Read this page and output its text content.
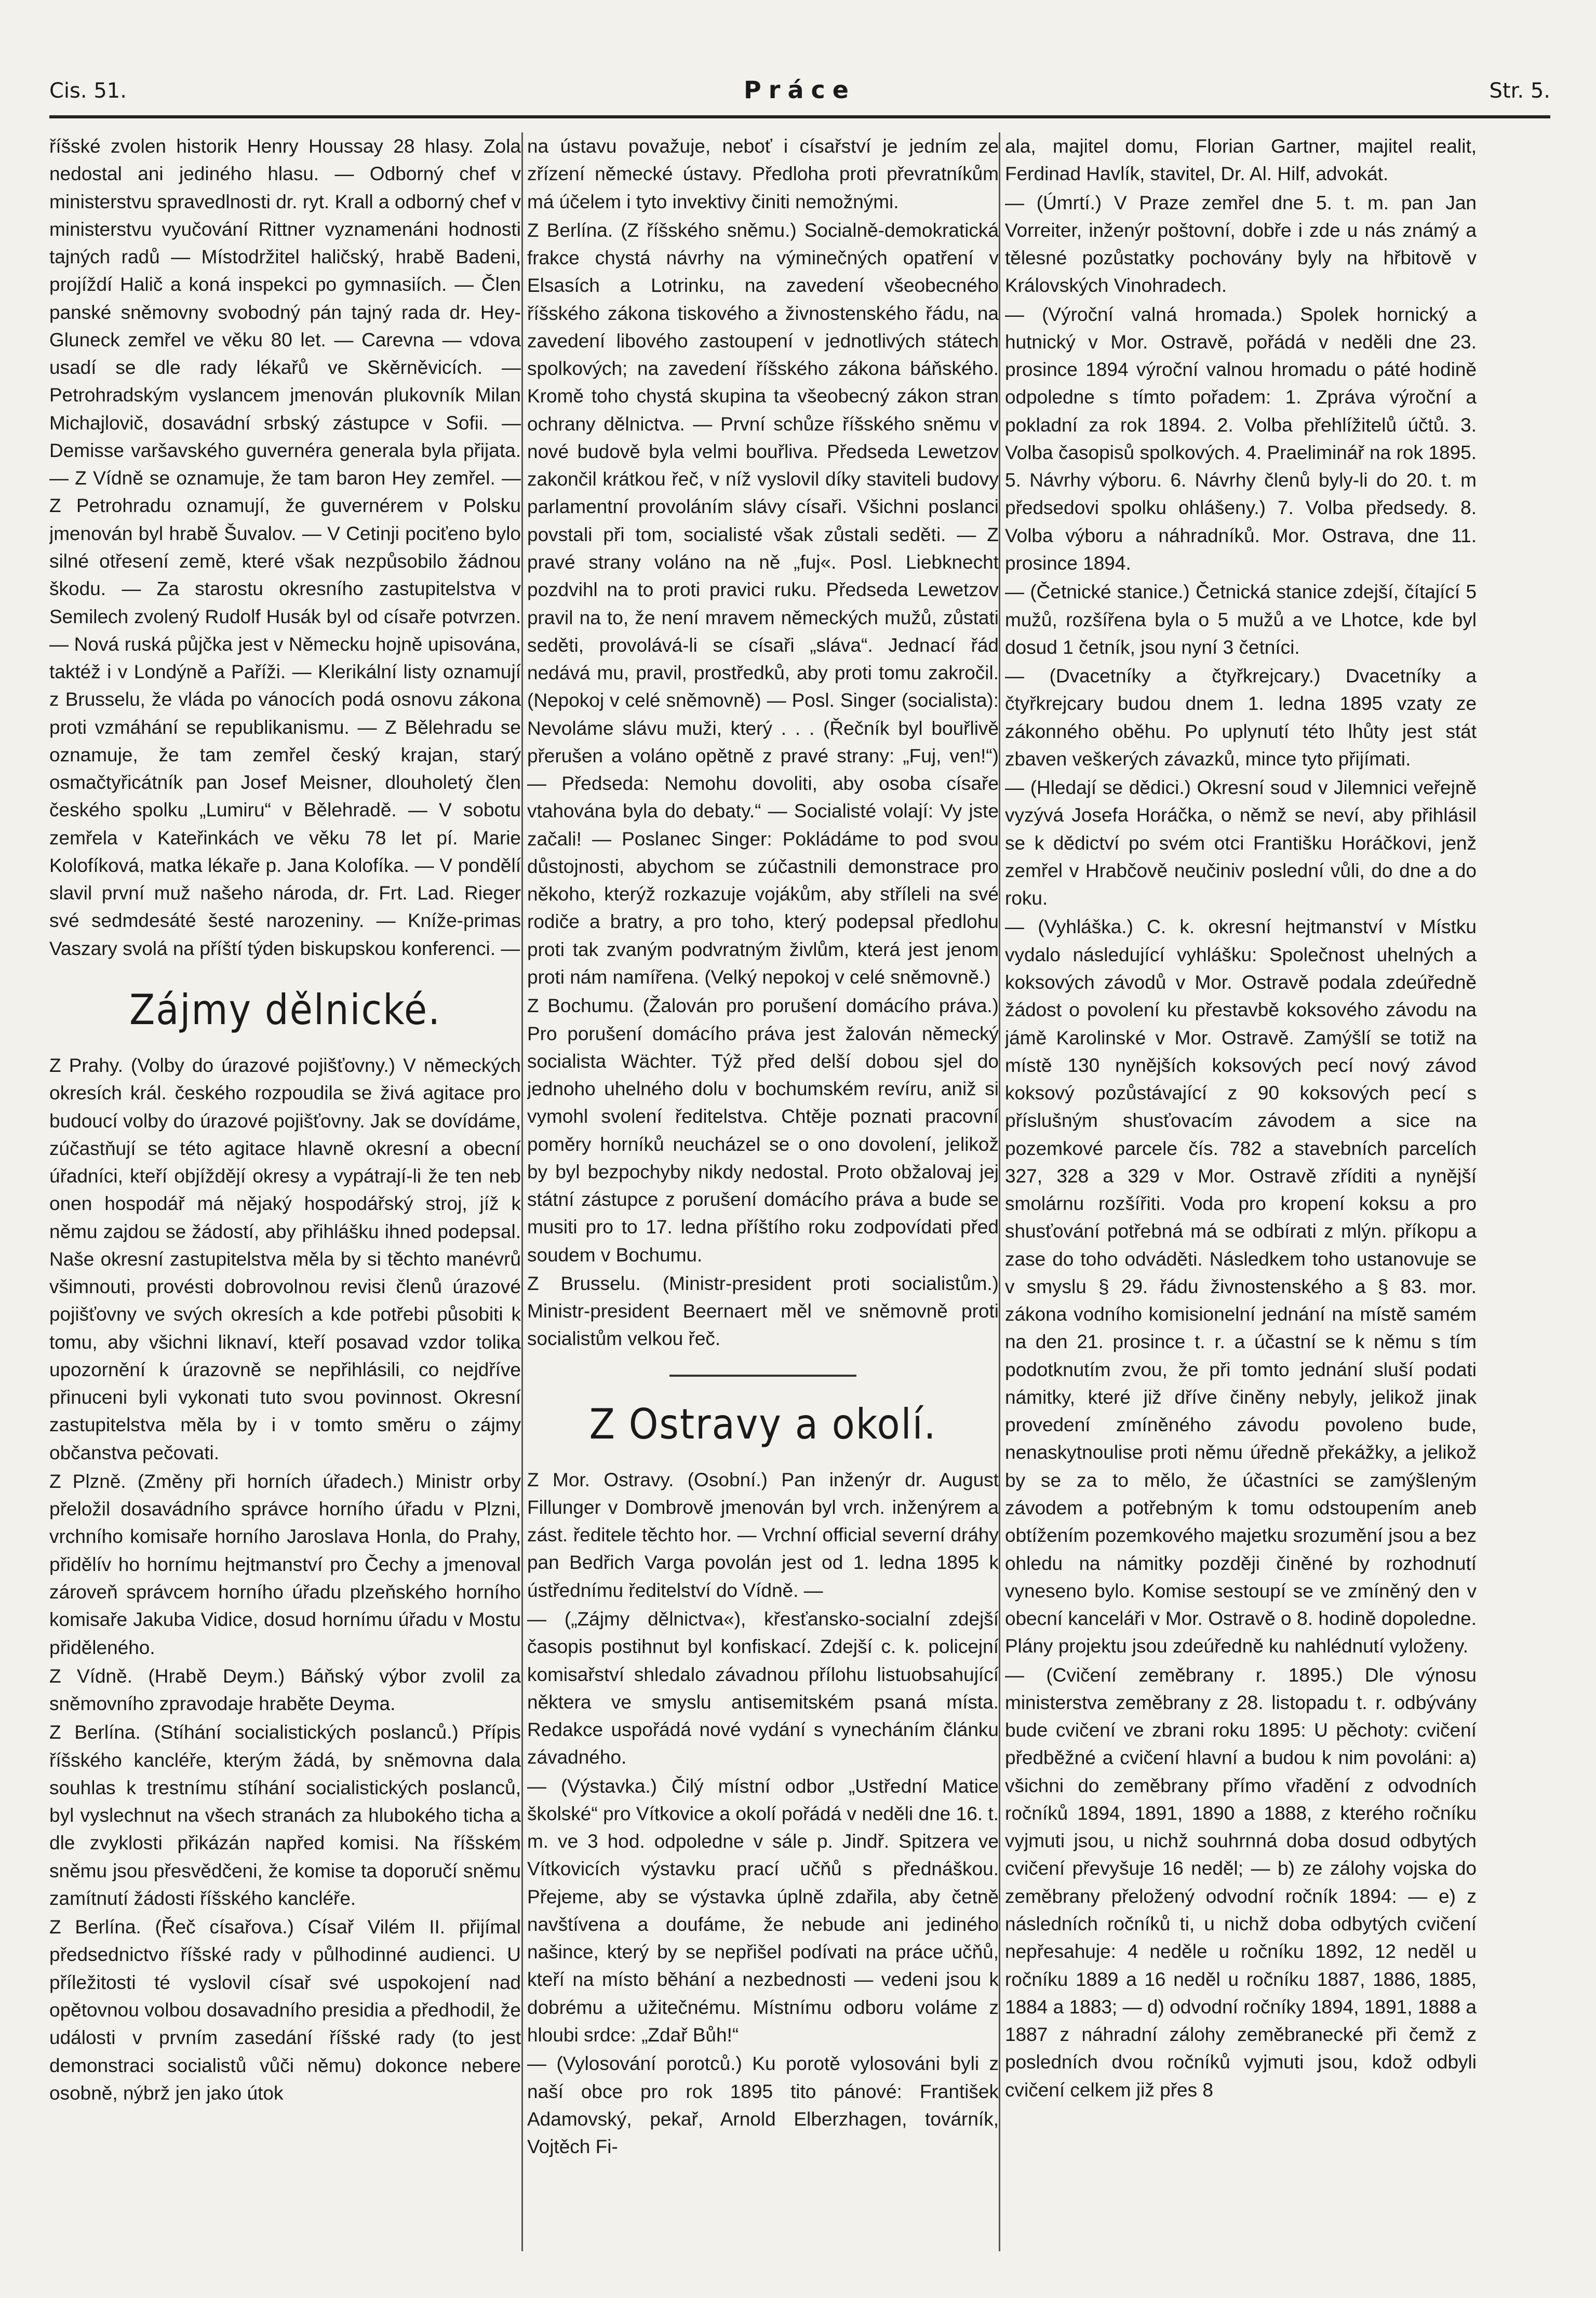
Cis. 51.	Práce	Str. 5.

říšské zvolen historik Henry Houssay 28 hlasy. Zola nedostal ani jediného hlasu. — Odborný chef v ministerstvu spravedlnosti dr. ryt. Krall a odborný chef v ministerstvu vyučování Rittner vyznamenáni hodnosti tajných radů — Místodržitel haličský, hrabě Badeni, projíždí Halič a koná inspekci po gymnasiích. — Člen panské sněmovny svobodný pán tajný rada dr. Hey-Gluneck zemřel ve věku 80 let. — Carevna — vdova usadí se dle rady lékařů ve Skěrněvicích. — Petrohradským vyslancem jmenován plukovník Milan Michajlovič, dosavádní srbský zástupce v Sofii. — Demisse varšavského guvernéra generala byla přijata. — Z Vídně se oznamuje, že tam baron Hey zemřel. — Z Petrohradu oznamují, že guvernérem v Polsku jmenován byl hrabě Šuvalov. — V Cetinji pociťeno bylo silné otřesení země, které však nezpůsobilo žádnou škodu. — Za starostu okresního zastupitelstva v Semilech zvolený Rudolf Husák byl od císaře potvrzen. — Nová ruská půjčka jest v Německu hojně upisována, taktéž i v Londýně a Paříži. — Klerikální listy oznamují z Brusselu, že vláda po vánocích podá osnovu zákona proti vzmáhání se republikanismu. — Z Bělehradu se oznamuje, že tam zemřel český krajan, starý osmačtyřicátník pan Josef Meisner, dlouholetý člen českého spolku „Lumiru“ v Bělehradě. — V sobotu zemřela v Kateřinkách ve věku 78 let pí. Marie Kolofíková, matka lékaře p. Jana Kolofíka. — V pondělí slavil první muž našeho národa, dr. Frt. Lad. Rieger své sedmdesáté šesté narozeniny. — Kníže-primas Vaszary svolá na příští týden biskupskou konferenci. —

Zájmy dělnické.

Z Prahy. (Volby do úrazové pojišťovny.) V německých okresích král. českého rozpoudila se živá agitace pro budoucí volby do úrazové pojišťovny. Jak se dovídáme, zúčastňují se této agitace hlavně okresní a obecní úřadníci, kteří objíždějí okresy a vypátrají-li že ten neb onen hospodář má nějaký hospodářský stroj, jíž k němu zajdou se žádostí, aby přihlášku ihned podepsal. Naše okresní zastupitelstva měla by si těchto manévrů všimnouti, provésti dobrovolnou revisi členů úrazové pojišťovny ve svých okresích a kde potřebi působiti k tomu, aby všichni liknaví, kteří posavad vzdor tolika upozornění k úrazovně se nepřihlásili, co nejdříve přinuceni byli vykonati tuto svou povinnost. Okresní zastupitelstva měla by i v tomto směru o zájmy občanstva pečovati.

Z Plzně. (Změny při horních úřadech.) Ministr orby přeložil dosavádního správce horního úřadu v Plzni, vrchního komisaře horního Jaroslava Honla, do Prahy, přidělív ho hornímu hejtmanství pro Čechy a jmenoval zároveň správcem horního úřadu plzeňského horního komisaře Jakuba Vidice, dosud hornímu úřadu v Mostu přiděleného.

Z Vídně. (Hrabě Deym.) Báňský výbor zvolil za sněmovního zpravodaje hraběte Deyma.

Z Berlína. (Stíhání socialistických poslanců.) Přípis říšského kancléře, kterým žádá, by sněmovna dala souhlas k trestnímu stíhání socialistických poslanců, byl vyslechnut na všech stranách za hlubokého ticha a dle zvyklosti přikázán napřed komisi. Na říšském sněmu jsou přesvědčeni, že komise ta doporučí sněmu zamítnutí žádosti říšského kancléře.

Z Berlína. (Řeč císařova.) Císař Vilém II. přijímal předsednictvo říšské rady v půlhodinné audienci. U příležitosti té vyslovil císař své uspokojení nad opětovnou volbou dosavadního presidia a předhodil, že události v prvním zasedání říšské rady (to jest demonstraci socialistů vůči němu) dokonce nebere osobně, nýbrž jen jako útok

na ústavu považuje, neboť i císařství je jedním ze zřízení německé ústavy. Předloha proti převratníkům má účelem i tyto invektivy činiti nemožnými.

Z Berlína. (Z říšského sněmu.) Socialně-demokratická frakce chystá návrhy na výminečných opatření v Elsasích a Lotrinku, na zavedení všeobecného říšského zákona tiskového a živnostenského řádu, na zavedení libového zastoupení v jednotlivých státech spolkových; na zavedení říšského zákona báňského. Kromě toho chystá skupina ta všeobecný zákon stran ochrany dělnictva. — První schůze říšského sněmu v nové budově byla velmi bouřliva. Předseda Lewetzov zakončil krátkou řeč, v níž vyslovil díky staviteli budovy parlamentní provoláním slávy císaři. Všichni poslanci povstali při tom, socialisté však zůstali seděti. — Z pravé strany voláno na ně „fuj«. Posl. Liebknecht pozdvihl na to proti pravici ruku. Předseda Lewetzov pravil na to, že není mravem německých mužů, zůstati seděti, provolává-li se císaři „sláva“. Jednací řád nedává mu, pravil, prostředků, aby proti tomu zakročil. (Nepokoj v celé sněmovně) — Posl. Singer (socialista): Nevoláme slávu muži, který . . . (Řečník byl bouřlivě přerušen a voláno opětně z pravé strany: „Fuj, ven!“) — Předseda: Nemohu dovoliti, aby osoba císaře vtahována byla do debaty.“ — Socialisté volají: Vy jste začali! — Poslanec Singer: Pokládáme to pod svou důstojnosti, abychom se zúčastnili demonstrace pro někoho, kterýž rozkazuje vojákům, aby stříleli na své rodiče a bratry, a pro toho, který podepsal předlohu proti tak zvaným podvratným živlům, která jest jenom proti nám namířena. (Velký nepokoj v celé sněmovně.)

Z Bochumu. (Žalován pro porušení domácího práva.) Pro porušení domácího práva jest žalován německý socialista Wächter. Týž před delší dobou sjel do jednoho uhelného dolu v bochumském revíru, aniž si vymohl svolení ředitelstva. Chtěje poznati pracovní poměry horníků neucházel se o ono dovolení, jelikož by byl bezpochyby nikdy nedostal. Proto obžalovaj jej státní zástupce z porušení domácího práva a bude se musiti pro to 17. ledna příštího roku zodpovídati před soudem v Bochumu.

Z Brusselu. (Ministr-president proti socialistům.) Ministr-president Beernaert měl ve sněmovně proti socialistům velkou řeč.

Z Ostravy a okolí.

Z Mor. Ostravy. (Osobní.) Pan inženýr dr. August Fillunger v Dombrově jmenován byl vrch. inženýrem a zást. ředitele těchto hor. — Vrchní official severní dráhy pan Bedřich Varga povolán jest od 1. ledna 1895 k ústřednímu ředitelství do Vídně. —

— („Zájmy dělnictva«), křesťansko-socialní zdejší časopis postihnut byl konfiskací. Zdejší c. k. policejní komisařství shledalo závadnou přílohu listuobsahující některa ve smyslu antisemitském psaná místa. Redakce uspořádá nové vydání s vynecháním článku závadného.

— (Výstavka.) Čilý místní odbor „Ustřední Matice školské“ pro Vítkovice a okolí pořádá v neděli dne 16. t. m. ve 3 hod. odpoledne v sále p. Jindř. Spitzera ve Vítkovicích výstavku prací učňů s přednáškou. Přejeme, aby se výstavka úplně zdařila, aby četně navštívena a doufáme, že nebude ani jediného našince, který by se nepřišel podívati na práce učňů, kteří na místo běhání a nezbednosti — vedeni jsou k dobrému a užitečnému. Místnímu odboru voláme z hloubi srdce: „Zdař Bůh!“

— (Vylosování porotců.) Ku porotě vylosováni byli z naší obce pro rok 1895 tito pánové: František Adamovský, pekař, Arnold Elberzhagen, továrník, Vojtěch Fi-

ala, majitel domu, Florian Gartner, majitel realit, Ferdinad Havlík, stavitel, Dr. Al. Hilf, advokát.

— (Úmrtí.) V Praze zemřel dne 5. t. m. pan Jan Vorreiter, inženýr poštovní, dobře i zde u nás známý a tělesné pozůstatky pochovány byly na hřbitově v Královských Vinohradech.

— (Výroční valná hromada.) Spolek hornický a hutnický v Mor. Ostravě, pořádá v neděli dne 23. prosince 1894 výroční valnou hromadu o páté hodině odpoledne s tímto pořadem: 1. Zpráva výroční a pokladní za rok 1894. 2. Volba přehlížitelů účtů. 3. Volba časopisů spolkových. 4. Praeliminář na rok 1895. 5. Návrhy výboru. 6. Návrhy členů byly-li do 20. t. m předsedovi spolku ohlášeny.) 7. Volba předsedy. 8. Volba výboru a náhradníků. Mor. Ostrava, dne 11. prosince 1894.

— (Četnické stanice.) Četnická stanice zdejší, čítající 5 mužů, rozšířena byla o 5 mužů a ve Lhotce, kde byl dosud 1 četník, jsou nyní 3 četníci.

— (Dvacetníky a čtyřkrejcary.) Dvacetníky a čtyřkrejcary budou dnem 1. ledna 1895 vzaty ze zákonného oběhu. Po uplynutí této lhůty jest stát zbaven veškerých závazků, mince tyto přijímati.

— (Hledají se dědici.) Okresní soud v Jilemnici veřejně vyzývá Josefa Horáčka, o němž se neví, aby přihlásil se k dědictví po svém otci Františku Horáčkovi, jenž zemřel v Hrabčově neučiniv poslední vůli, do dne a do roku.

— (Vyhláška.) C. k. okresní hejtmanství v Místku vydalo následující vyhlášku: Společnost uhelných a koksových závodů v Mor. Ostravě podala zdeúředně žádost o povolení ku přestavbě koksového závodu na jámě Karolinské v Mor. Ostravě. Zamýšlí se totiž na místě 130 nynějších koksových pecí nový závod koksový pozůstávající z 90 koksových pecí s příslušným shusťovacím závodem a sice na pozemkové parcele čís. 782 a stavebních parcelích 327, 328 a 329 v Mor. Ostravě zříditi a nynější smolárnu rozšířiti. Voda pro kropení koksu a pro shusťování potřebná má se odbírati z mlýn. příkopu a zase do toho odváděti. Následkem toho ustanovuje se v smyslu § 29. řádu živnostenského a § 83. mor. zákona vodního komisionelní jednání na místě samém na den 21. prosince t. r. a účastní se k němu s tím podotknutím zvou, že při tomto jednání sluší podati námitky, které již dříve činěny nebyly, jelikož jinak provedení zmíněného závodu povoleno bude, nenaskytnoulise proti němu úředně překážky, a jelikož by se za to mělo, že účastníci se zamýšleným závodem a potřebným k tomu odstoupením aneb obtížením pozemkového majetku srozumění jsou a bez ohledu na námitky později činěné by rozhodnutí vyneseno bylo. Komise sestoupí se ve zmíněný den v obecní kanceláři v Mor. Ostravě o 8. hodině dopoledne. Plány projektu jsou zdeúředně ku nahlédnutí vyloženy.

— (Cvičení zeměbrany r. 1895.) Dle výnosu ministerstva zeměbrany z 28. listopadu t. r. odbývány bude cvičení ve zbrani roku 1895: U pěchoty: cvičení předběžné a cvičení hlavní a budou k nim povoláni: a) všichni do zeměbrany přímo vřadění z odvodních ročníků 1894, 1891, 1890 a 1888, z kterého ročníku vyjmuti jsou, u nichž souhrnná doba dosud odbytých cvičení převyšuje 16 neděl; — b) ze zálohy vojska do zeměbrany přeložený odvodní ročník 1894: — e) z následních ročníků ti, u nichž doba odbytých cvičení nepřesahuje: 4 neděle u ročníku 1892, 12 neděl u ročníku 1889 a 16 neděl u ročníku 1887, 1886, 1885, 1884 a 1883; — d) odvodní ročníky 1894, 1891, 1888 a 1887 z náhradní zálohy zeměbranecké při čemž z posledních dvou ročníků vyjmuti jsou, kdož odbyli cvičení celkem již přes 8
